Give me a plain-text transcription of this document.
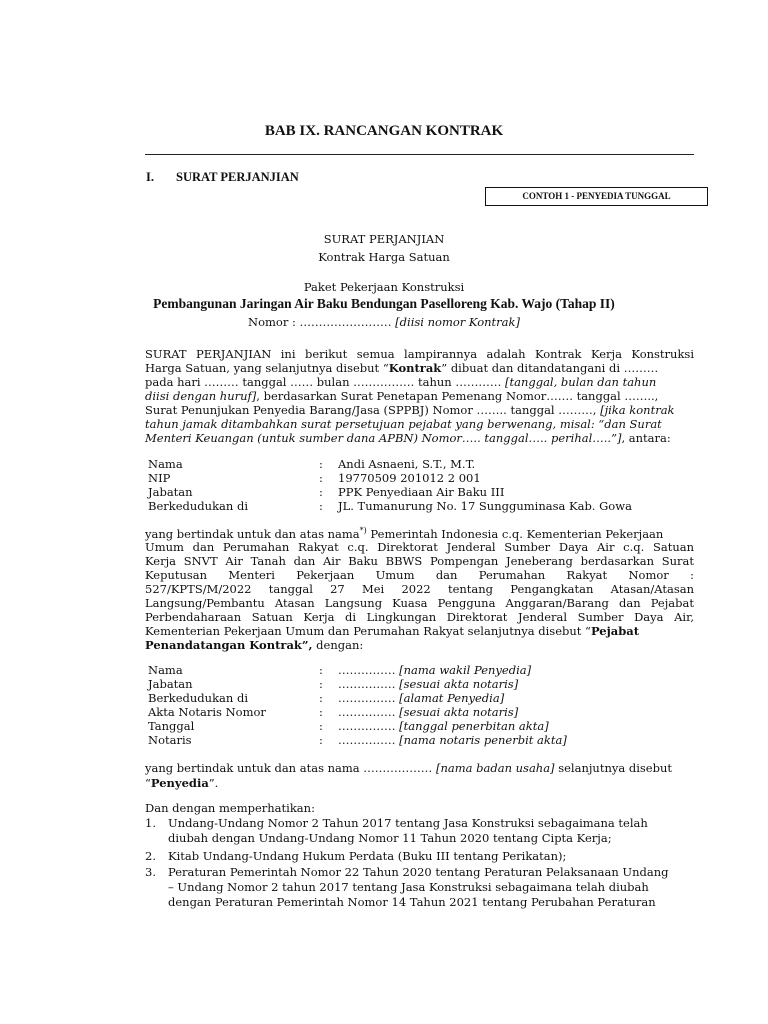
BAB IX. RANCANGAN KONTRAK
I. SURAT PERJANJIAN
CONTOH 1 - PENYEDIA TUNGGAL
SURAT PERJANJIAN
Kontrak Harga Satuan
Paket Pekerjaan Konstruksi
Pembangunan Jaringan Air Baku Bendungan Paselloreng Kab. Wajo (Tahap II)
Nomor : …………………… [diisi nomor Kontrak]
SURAT PERJANJIAN ini berikut semua lampirannya adalah Kontrak Kerja Konstruksi
Harga Satuan, yang selanjutnya disebut “Kontrak” dibuat dan ditandatangani di ………
pada hari ……… tanggal …… bulan ……………. tahun ………… [tanggal, bulan dan tahun
diisi dengan huruf], berdasarkan Surat Penetapan Pemenang Nomor……. tanggal ……..,
Surat Penunjukan Penyedia Barang/Jasa (SPPBJ) Nomor …….. tanggal ………, [jika kontrak
tahun jamak ditambahkan surat persetujuan pejabat yang berwenang, misal: “dan Surat
Menteri Keuangan (untuk sumber dana APBN) Nomor….. tanggal….. perihal…..”], antara:
Nama	: Andi Asnaeni, S.T., M.T.
NIP	: 19770509 201012 2 001
Jabatan	: PPK Penyediaan Air Baku III
Berkedudukan di	: JL. Tumanurung No. 17 Sungguminasa Kab. Gowa
yang bertindak untuk dan atas nama*) Pemerintah Indonesia c.q. Kementerian Pekerjaan
Umum dan Perumahan Rakyat c.q. Direktorat Jenderal Sumber Daya Air c.q. Satuan
Kerja SNVT Air Tanah dan Air Baku BBWS Pompengan Jeneberang berdasarkan Surat
Keputusan Menteri Pekerjaan Umum dan Perumahan Rakyat Nomor :
527/KPTS/M/2022 tanggal 27 Mei 2022 tentang Pengangkatan Atasan/Atasan
Langsung/Pembantu Atasan Langsung Kuasa Pengguna Anggaran/Barang dan Pejabat
Perbendaharaan Satuan Kerja di Lingkungan Direktorat Jenderal Sumber Daya Air,
Kementerian Pekerjaan Umum dan Perumahan Rakyat selanjutnya disebut “Pejabat
Penandatangan Kontrak”, dengan:
Nama	: …………… [nama wakil Penyedia]
Jabatan	: …………… [sesuai akta notaris]
Berkedudukan di	: …………… [alamat Penyedia]
Akta Notaris Nomor	: …………… [sesuai akta notaris]
Tanggal	: …………… [tanggal penerbitan akta]
Notaris	: …………… [nama notaris penerbit akta]
yang bertindak untuk dan atas nama ……………… [nama badan usaha] selanjutnya disebut
“Penyedia”.
Dan dengan memperhatikan:
1. Undang-Undang Nomor 2 Tahun 2017 tentang Jasa Konstruksi sebagaimana telah
diubah dengan Undang-Undang Nomor 11 Tahun 2020 tentang Cipta Kerja;
2. Kitab Undang-Undang Hukum Perdata (Buku III tentang Perikatan);
3. Peraturan Pemerintah Nomor 22 Tahun 2020 tentang Peraturan Pelaksanaan Undang
– Undang Nomor 2 tahun 2017 tentang Jasa Konstruksi sebagaimana telah diubah
dengan Peraturan Pemerintah Nomor 14 Tahun 2021 tentang Perubahan Peraturan
